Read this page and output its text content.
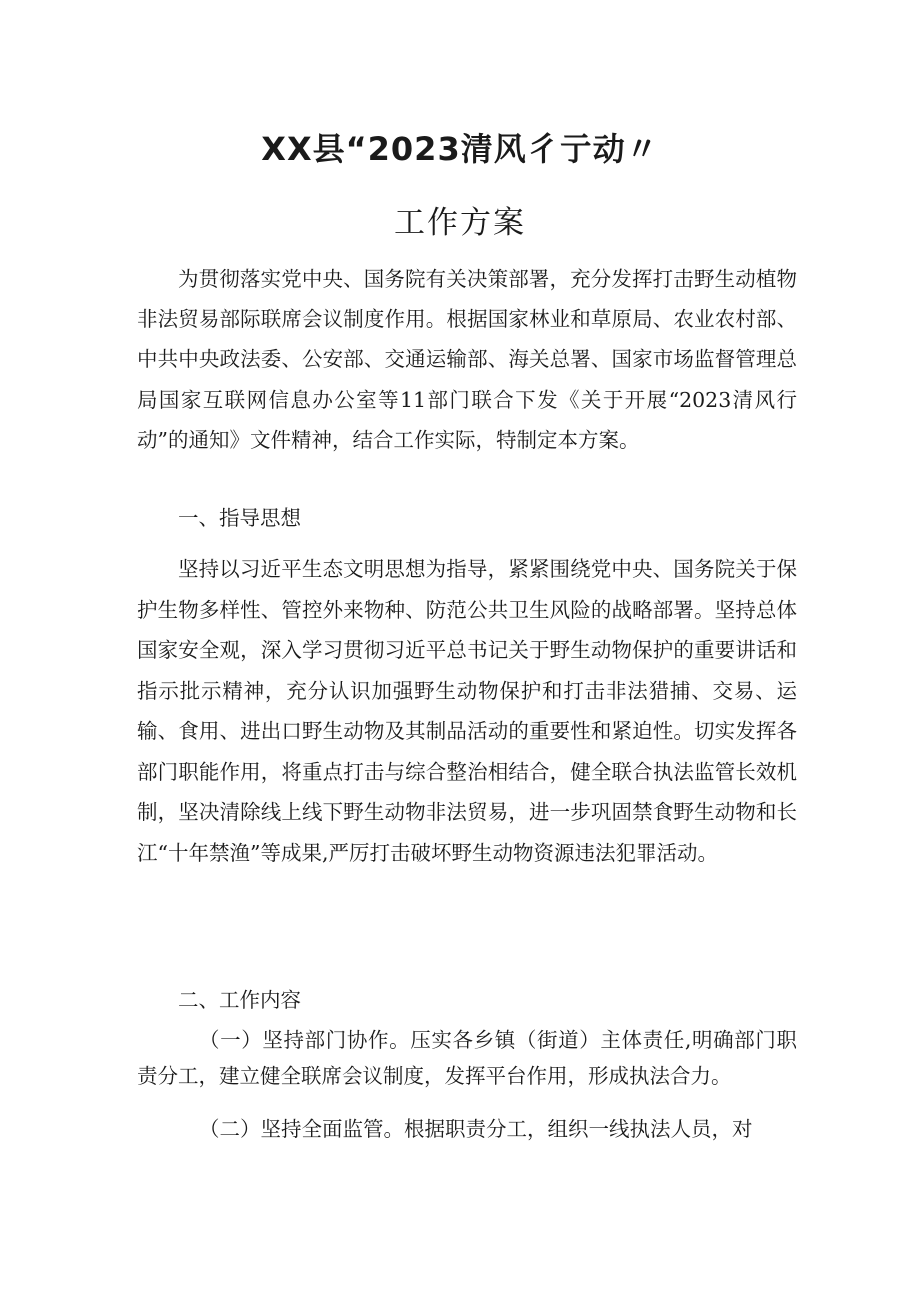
XX县“2023清风彳亍动〃
工作方案

为贯彻落实党中央、国务院有关决策部署，充分发挥打击野生动植物非法贸易部际联席会议制度作用。根据国家林业和草原局、农业农村部、中共中央政法委、公安部、交通运输部、海关总署、国家市场监督管理总局国家互联网信息办公室等11部门联合下发《关于开展“2023清风行动”的通知》文件精神，结合工作实际，特制定本方案。

一、指导思想

坚持以习近平生态文明思想为指导，紧紧围绕党中央、国务院关于保护生物多样性、管控外来物种、防范公共卫生风险的战略部署。坚持总体国家安全观，深入学习贯彻习近平总书记关于野生动物保护的重要讲话和指示批示精神，充分认识加强野生动物保护和打击非法猎捕、交易、运输、食用、进出口野生动物及其制品活动的重要性和紧迫性。切实发挥各部门职能作用，将重点打击与综合整治相结合，健全联合执法监管长效机制，坚决清除线上线下野生动物非法贸易，进一步巩固禁食野生动物和长江“十年禁渔”等成果,严厉打击破坏野生动物资源违法犯罪活动。

二、工作内容

（一）坚持部门协作。压实各乡镇（街道）主体责任,明确部门职责分工，建立健全联席会议制度，发挥平台作用，形成执法合力。

（二）坚持全面监管。根据职责分工，组织一线执法人员，对
